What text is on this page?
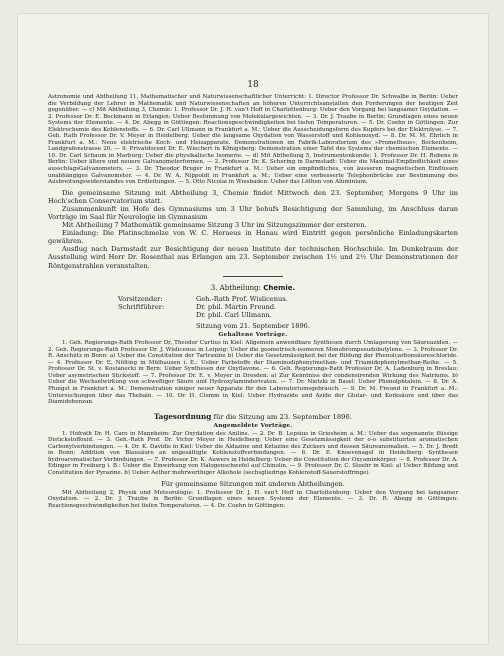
18

Astronomie und Abtheilung 11, Mathematischer und Naturwissenschaftlicher Unterricht: 1. Director Professor Dr. Schwalbe in Berlin: Ueber die Verbildung der Lehrer in Mathematik und Naturwissenschaften an höheren Unterrichtsanstalten den Forderungen der heutigen Zeit gegenüber. — c) Mit Abtheilung 3, Chemie: 1. Professor Dr. J. H. van't Hoff in Charlottenburg: Ueber den Vorgang bei langsamer Oxydation. — 2. Professor Dr. E. Beckmann in Erlangen: Ueber Bestimmung von Molekulargewichten. — 3. Dr. J. Traube in Berlin: Grundlagen eines neuen Systems der Elemente. — 4. Dr. Abegg in Göttingen: Reactionsgeschwindigkeiten bei tiefen Temperaturen. — 5. Dr. Coehn in Göttingen: Zur Elektrochemie des Kohlenstoffs. — 6. Dr. Carl Ullmann in Frankfurt a. M.: Ueber die Ausscheidungsform des Kupfers bei der Elektrolyse. — 7. Geh. Rath Professor Dr. V. Meyer in Heidelberg: Ueber die langsame Oxydation von Wasserstoff und Kohlenoxyd. — 8. Dr. M. M. Ehrlich in Frankfurt a. M.: Neue elektrische Koch- und Heizapparate. Demonstrationen im Fabrik-Laboratorium des »Prometheus«, Bockenheim, Landgrafenstrasse 20. — 9. Privatdocent Dr. E. Wiechert in Königsberg: Demonstration einer Tafel des Systems der chemischen Elemente. — 10. Dr. Carl Schaum in Marburg: Ueber die physikalische Isomerie. — d) Mit Abtheilung 5, Instrumentenkunde: 1. Professor Dr. H. Rubens in Berlin: Ueber ältere und neuere Galvanometerformen. — 2. Professor Dr. K. Schering in Darmstadt: Ueber die Maximal-Empfindlichkeit eines ausschlagsGalvanometers. — 3. Dr. Theodor Bruger in Frankfurt a. M.: Ueber ein empfindliches, von äusseren magnetischen Einflüssen unabhängiges Galvanometer. — 4. Dr. W. A. Nippoldt in Frankfurt a. M.: Ueber eine verbesserte Telephonbrücke zur Bestimmung des Ausbreitungswiderstandes von Erdleitungen. — 5. Otto Nicolai in Wiesbaden: Ueber das Löthen von Aluminium.

Die gemeinsame Sitzung mit Abtheilung 3, Chemie findet Mittwoch den 23. September, Morgens 9 Uhr im Hoch'schen Conservatorium statt.

Zusammenkunft im Hofe des Gymnasiums um 3 Uhr behufs Besichtigung der Sammlung, im Anschluss daran Vorträge im Saal für Neurologie im Gymnasium

Mit Abtheilung 7 Mathematik gemeinsame Sitzung 3 Uhr im Sitzungszimmer der ersteren.

Einladung: Die Platinschmelze von W. C. Heraeus in Hanau wird Eintritt gegen persönliche Einladungskarten gewähren.

Ausflug nach Darmstadt zur Besichtigung der neuen Institute der technischen Hochschule. Im Dunkelraum der Ausstellung wird Herr Dr. Rosenthal aus Erlangen am 23. September zwischen 1½ und 2½ Uhr Demonstrationen der Röntgenstrahlen veranstalten.

3. Abtheilung: Chemie.
Vorsitzender:	Geh.-Rath Prof. Wislicenus.
Schriftführer:	Dr. phil. Martin Freund.
Dr. phil. Carl Ullmann.
Sitzung vom 21. September 1896.
Gehaltene Vorträge.

1. Geh. Regierungs-Rath Professor Dr. Theodor Curtius in Kiel: Allgemein anwendbare Synthesen durch Umlagerung von Säureaziden. — 2. Geh. Regierungs-Rath Professor Dr. J. Wislicenus in Leipzig: Ueber die geometrisch-isomeren Monobrompseudobutylene. — 3. Professor Dr. R. Anschütz in Bonn: a) Ueber die Constitution der Tartraxine b) Ueber die Gesetzmässigkeit bei der Bildung der Phenolcarbonsäureschloride. — 4. Professor Dr. E. Nölting in Mülhausen i. E.: Ueber Farbstoffe der Diaminodiphenylmethan- und Triamidophenylmethan-Reihe. — 5. Professor Dr. St. v. Kostanecki in Bern: Ueber Synthesen der Oxyflavone. — 6. Geh. Regierungs-Rath Professor Dr. A. Ladenburg in Breslau: Ueber asymetrischen Stickstoff. — 7. Professor Dr. E. v. Meyer in Dresden: a) Zur Kenntniss der condensirenden Wirkung des Natriums. b) Ueber die Wechselwirkung von schwefliger Säure und Hydroxylaminderivaten. — 7. Dr. Nietzki in Basel: Ueber Phenolphtalein. — 8. Dr. A. Pfungst in Frankfurt a. M.: Demonstration einiger neuer Apparate für den Laboratoriumsgebrauch. — 9. Dr. M. Freund in Frankfurt a. M.: Untersuchungen über das Thebain. — 10. Dr. H. Clemm in Kiel: Ueber Hydrazide und Azide der Glutar- und Korksäure und über das Diamidobenzan.

Tagesordnung für die Sitzung am 23. September 1896.
Angemeldete Vorträge.

1. Hofrath Dr. H. Caro in Mannheim: Zur Oxydation des Anilins. — 2. Dr. B. Lepsius in Griesheim a. M.: Ueber das sogenannte flüssige Distickstoffoxid. — 3. Geh.-Rath Prof. Dr. Victor Meyer in Heidelberg: Ueber eine Gesetzmässigkeit der o-o substituirten aromatischen Carbonylverbindungen. — 4. Dr. K. Davidis in Kiel: Ueber die Aldazine und Ketazine des Zuckers und dessen Säureanomalien. — 5. Dr. J. Bredt in Bonn: Addition von Blausäure an ungesättigte Kohlenstoffverbindungen. — 6. Dr. E. Knoevenagel in Heidelberg: Synthesen hydroaromatischer Verbindungen. — 7. Professor Dr. K. Auwers in Heidelberg: Ueber die Constitution der Oxyaminkörper. — 8. Professor Dr. A. Edinger in Freiburg i. B.: Ueber die Einwirkung von Halogenschwefel auf Chinolin. — 9. Professor Dr. C. Stoehr in Kiel: a) Ueber Bildung und Constitution der Pyrazine. b) Ueber Aether mehrwerthiger Alkohole (sechsgliedrige Kohlenstoff-Sauerstoffringe).

Für gemeinsame Sitzungen mit anderen Abtheilungen.

Mit Abtheilung 2, Physik und Meteorologie: 1. Professor Dr. J. H. van't Hoff in Charlottenburg: Ueber den Vorgang bei langsamer Oxydation. — 2. Dr. J. Traube in Berlin: Grundlagen eines neuen Systems der Elemente. — 3. Dr. R. Abegg in Göttingen: Reactionsgeschwindigkeiten bei tiefen Temperaturen. — 4. Dr. Coehn in Göttingen:
